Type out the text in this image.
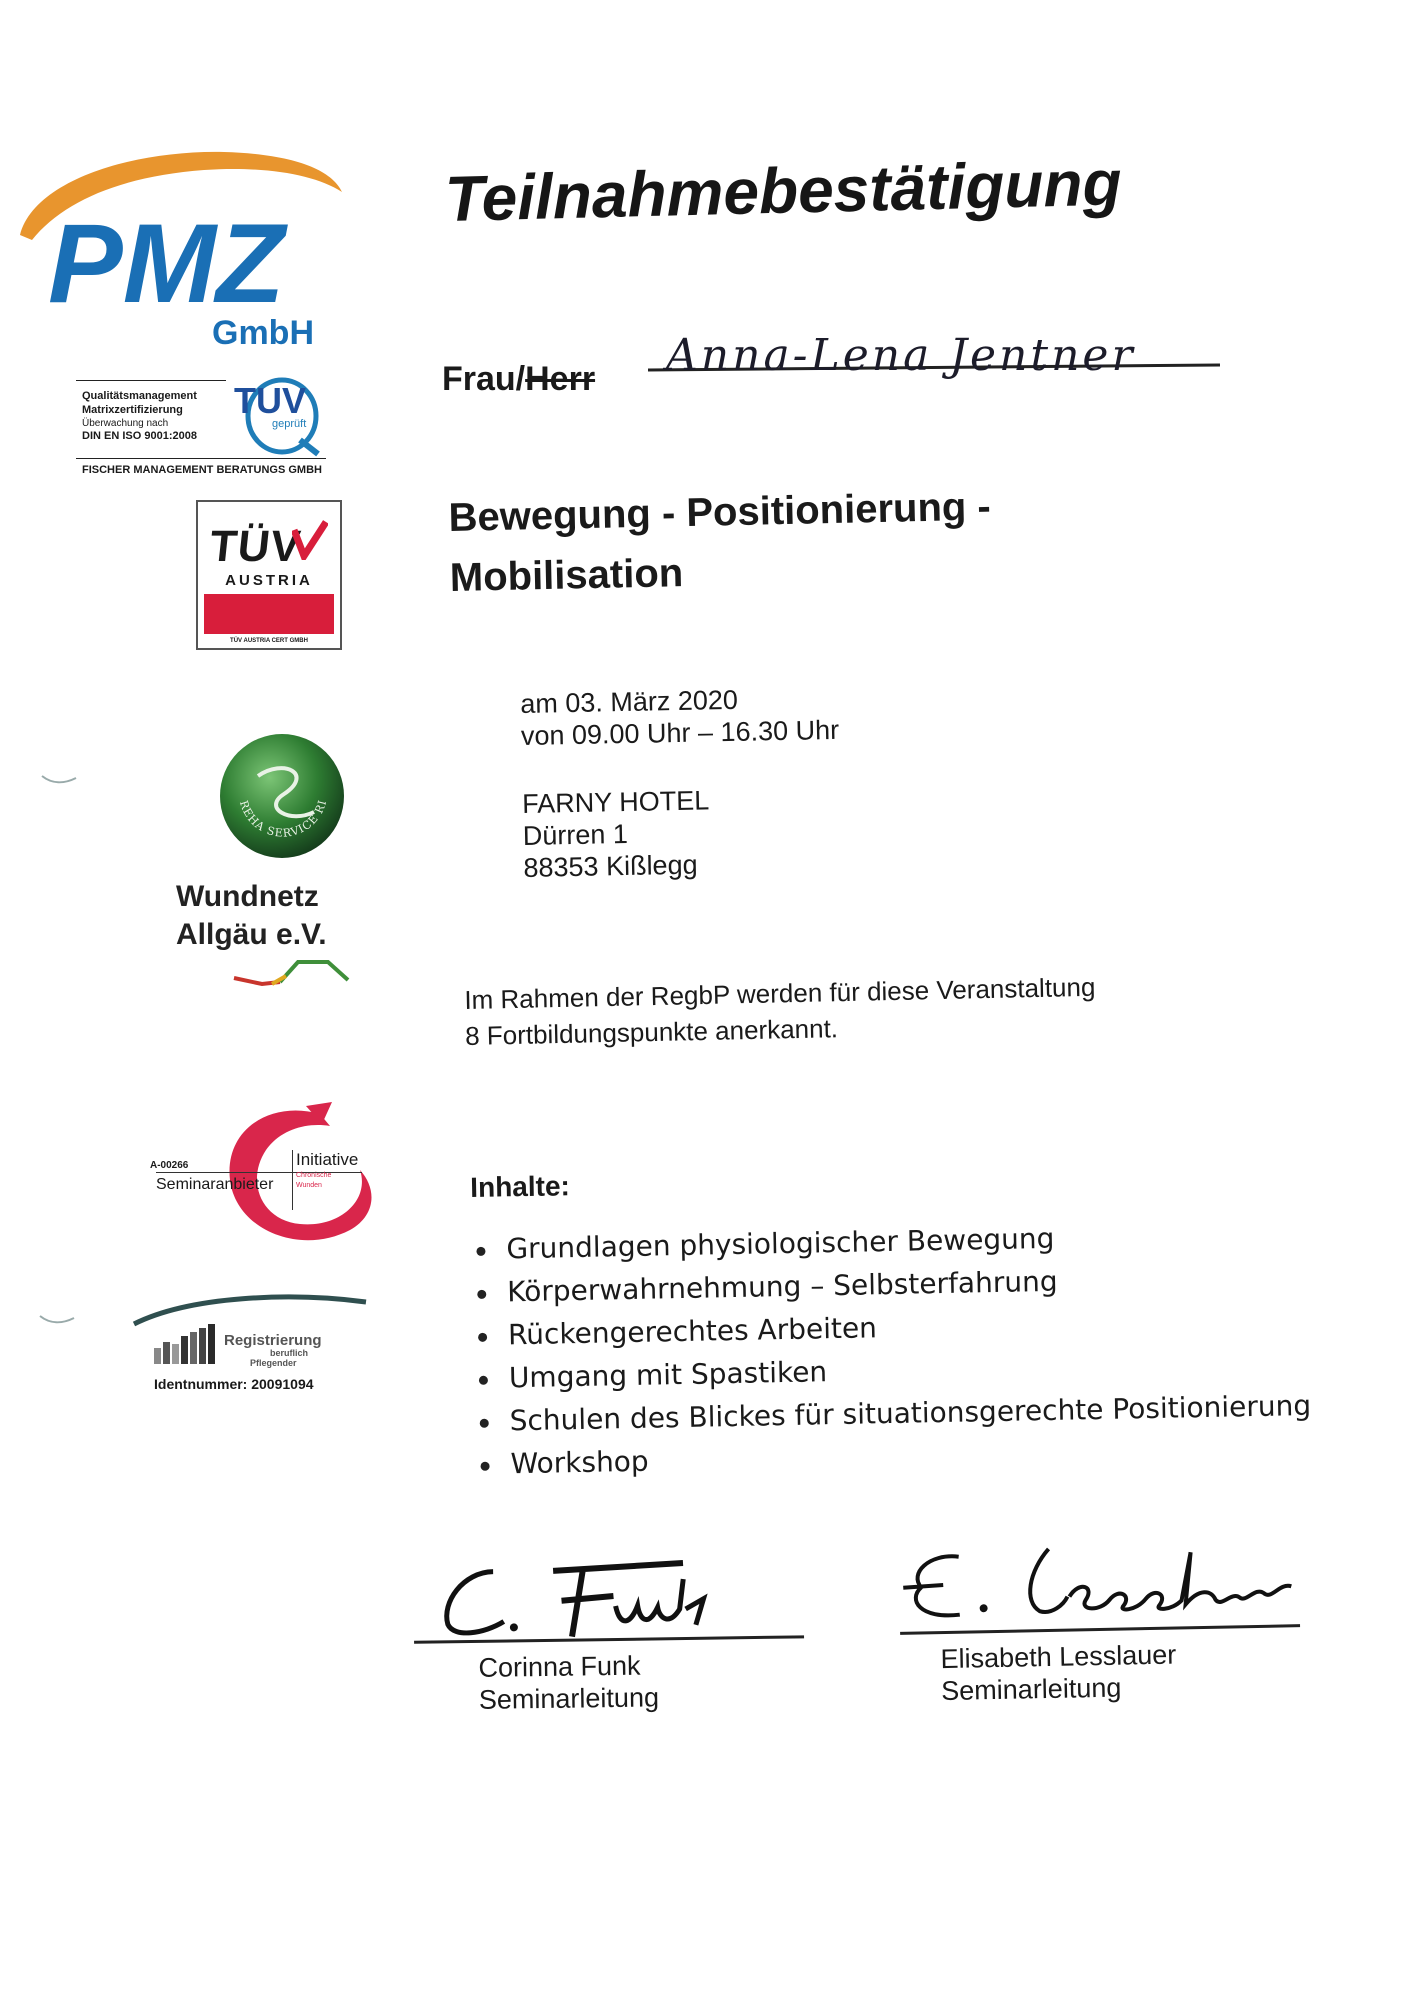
PMZ
GmbH
Qualitätsmanagement
Matrixzertifizierung
Überwachung nach
DIN EN ISO 9001:2008
TUV
geprüft
FISCHER MANAGEMENT BERATUNGS GMBH
TÜV
AUSTRIA
TÜV AUSTRIA CERT GMBH
REHA SERVICE RI
Wundnetz
Allgäu e.V.
A-00266
Seminaranbieter
Initiative
Chronische
Wunden
Registrierung
beruflich
Pflegender
Identnummer: 20091094
Teilnahmebestätigung
Frau/Herr Anna-Lena Jentner
Bewegung - Positionierung -
Mobilisation
am 03. März 2020
von 09.00 Uhr – 16.30 Uhr
FARNY HOTEL
Dürren 1
88353 Kißlegg
Im Rahmen der RegbP werden für diese Veranstaltung
8 Fortbildungspunkte anerkannt.
Inhalte:
Grundlagen physiologischer Bewegung
Körperwahrnehmung – Selbsterfahrung
Rückengerechtes Arbeiten
Umgang mit Spastiken
Schulen des Blickes für situationsgerechte Positionierung
Workshop
Corinna Funk
Seminarleitung
Elisabeth Lesslauer
Seminarleitung
